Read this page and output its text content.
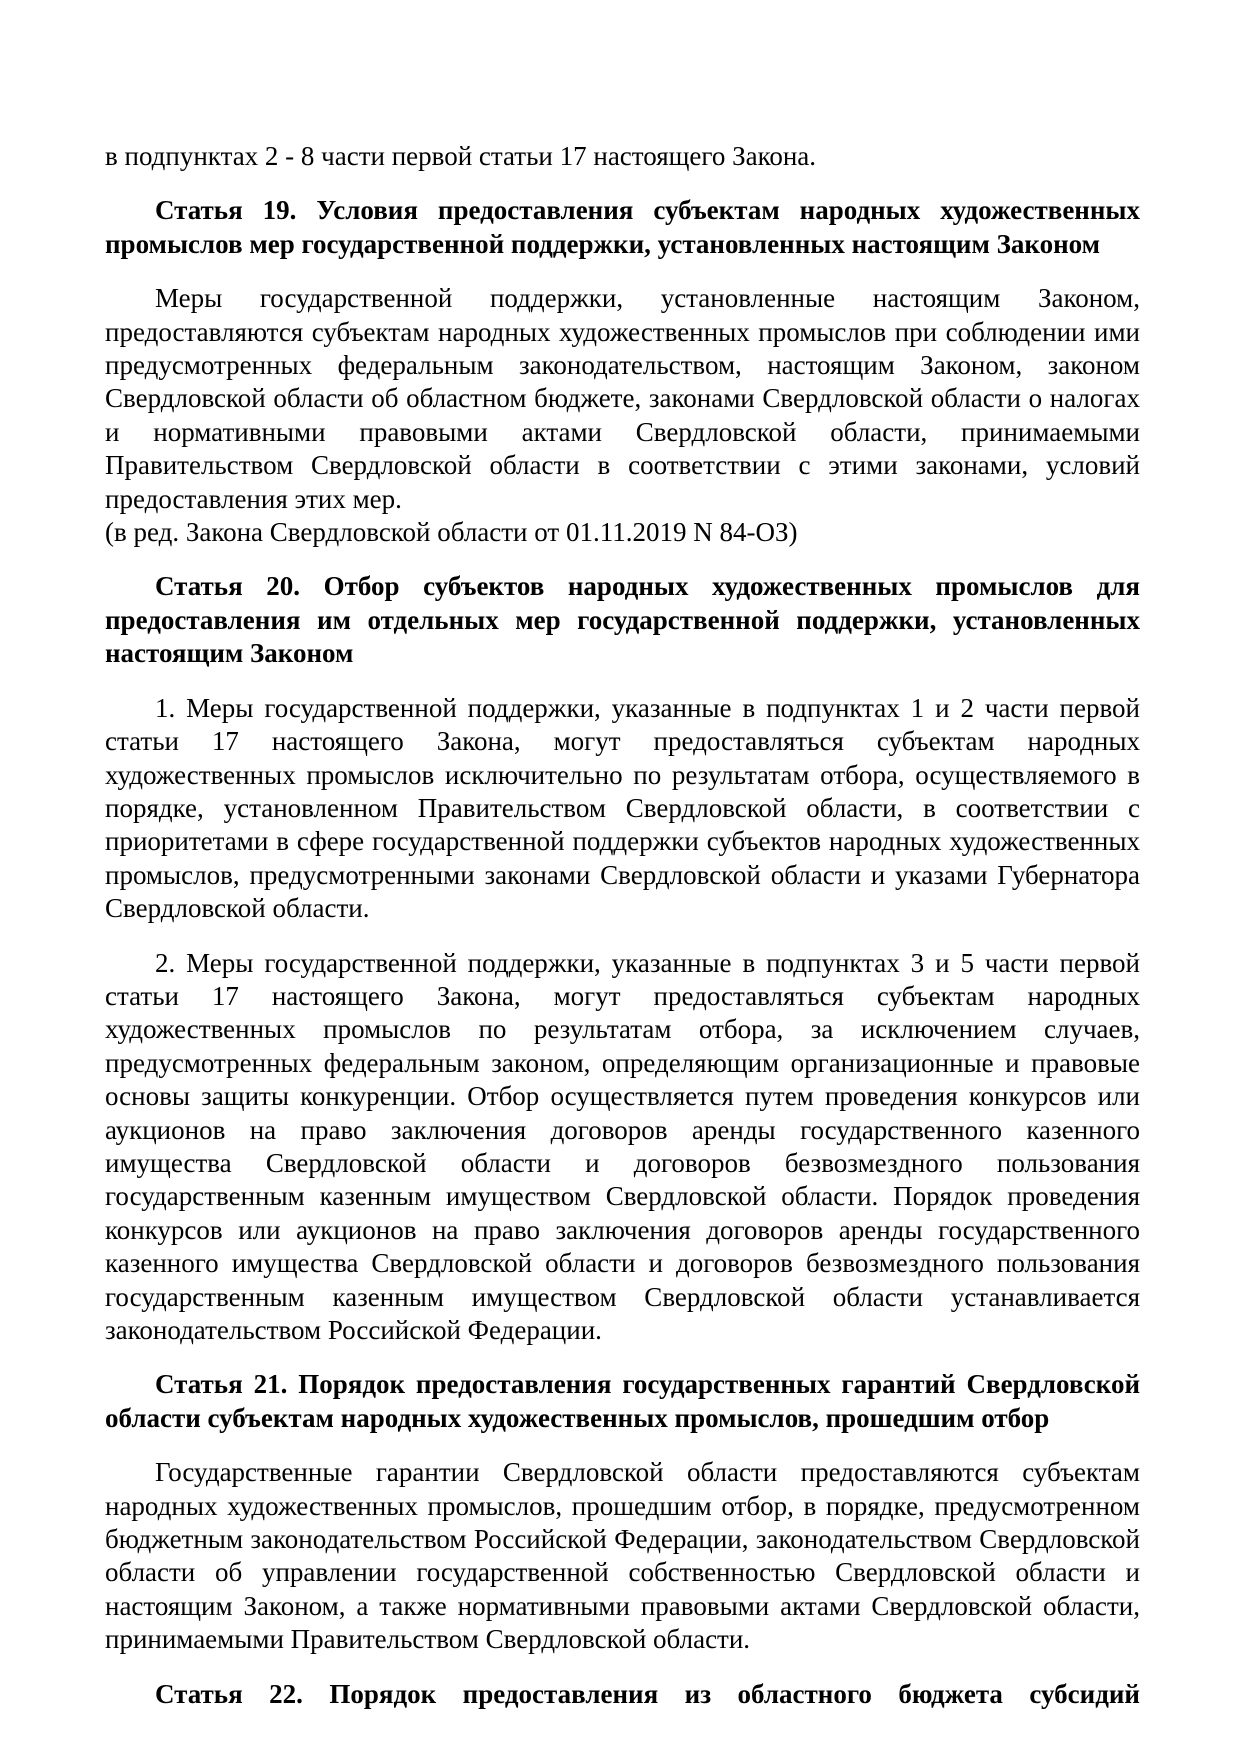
в подпунктах 2 - 8 части первой статьи 17 настоящего Закона.

Статья 19. Условия предоставления субъектам народных художественных промыслов мер государственной поддержки, установленных настоящим Законом

Меры государственной поддержки, установленные настоящим Законом, предоставляются субъектам народных художественных промыслов при соблюдении ими предусмотренных федеральным законодательством, настоящим Законом, законом Свердловской области об областном бюджете, законами Свердловской области о налогах и нормативными правовыми актами Свердловской области, принимаемыми Правительством Свердловской области в соответствии с этими законами, условий предоставления этих мер.

(в ред. Закона Свердловской области от 01.11.2019 N 84-ОЗ)

Статья 20. Отбор субъектов народных художественных промыслов для предоставления им отдельных мер государственной поддержки, установленных настоящим Законом

1. Меры государственной поддержки, указанные в подпунктах 1 и 2 части первой статьи 17 настоящего Закона, могут предоставляться субъектам народных художественных промыслов исключительно по результатам отбора, осуществляемого в порядке, установленном Правительством Свердловской области, в соответствии с приоритетами в сфере государственной поддержки субъектов народных художественных промыслов, предусмотренными законами Свердловской области и указами Губернатора Свердловской области.

2. Меры государственной поддержки, указанные в подпунктах 3 и 5 части первой статьи 17 настоящего Закона, могут предоставляться субъектам народных художественных промыслов по результатам отбора, за исключением случаев, предусмотренных федеральным законом, определяющим организационные и правовые основы защиты конкуренции. Отбор осуществляется путем проведения конкурсов или аукционов на право заключения договоров аренды государственного казенного имущества Свердловской области и договоров безвозмездного пользования государственным казенным имуществом Свердловской области. Порядок проведения конкурсов или аукционов на право заключения договоров аренды государственного казенного имущества Свердловской области и договоров безвозмездного пользования государственным казенным имуществом Свердловской области устанавливается законодательством Российской Федерации.

Статья 21. Порядок предоставления государственных гарантий Свердловской области субъектам народных художественных промыслов, прошедшим отбор

Государственные гарантии Свердловской области предоставляются субъектам народных художественных промыслов, прошедшим отбор, в порядке, предусмотренном бюджетным законодательством Российской Федерации, законодательством Свердловской области об управлении государственной собственностью Свердловской области и настоящим Законом, а также нормативными правовыми актами Свердловской области, принимаемыми Правительством Свердловской области.

Статья 22. Порядок предоставления из областного бюджета субсидий
